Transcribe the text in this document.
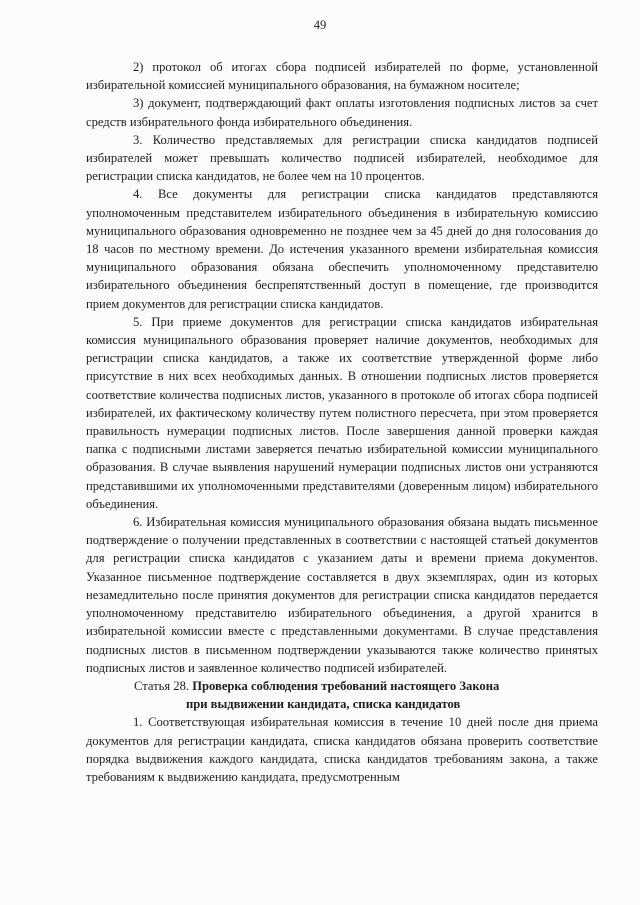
49

2) протокол об итогах сбора подписей избирателей по форме, установленной избирательной комиссией муниципального образования, на бумажном носителе;

3) документ, подтверждающий факт оплаты изготовления подписных листов за счет средств избирательного фонда избирательного объединения.

3. Количество представляемых для регистрации списка кандидатов подписей избирателей может превышать количество подписей избирателей, необходимое для регистрации списка кандидатов, не более чем на 10 процентов.

4. Все документы для регистрации списка кандидатов представляются уполномоченным представителем избирательного объединения в избирательную комиссию муниципального образования одновременно не позднее чем за 45 дней до дня голосования до 18 часов по местному времени. До истечения указанного времени избирательная комиссия муниципального образования обязана обеспечить уполномоченному представителю избирательного объединения беспрепятственный доступ в помещение, где производится прием документов для регистрации списка кандидатов.

5. При приеме документов для регистрации списка кандидатов избирательная комиссия муниципального образования проверяет наличие документов, необходимых для регистрации списка кандидатов, а также их соответствие утвержденной форме либо присутствие в них всех необходимых данных. В отношении подписных листов проверяется соответствие количества подписных листов, указанного в протоколе об итогах сбора подписей избирателей, их фактическому количеству путем полистного пересчета, при этом проверяется правильность нумерации подписных листов. После завершения данной проверки каждая папка с подписными листами заверяется печатью избирательной комиссии муниципального образования. В случае выявления нарушений нумерации подписных листов они устраняются представившими их уполномоченными представителями (доверенным лицом) избирательного объединения.

6. Избирательная комиссия муниципального образования обязана выдать письменное подтверждение о получении представленных в соответствии с настоящей статьей документов для регистрации списка кандидатов с указанием даты и времени приема документов. Указанное письменное подтверждение составляется в двух экземплярах, один из которых незамедлительно после принятия документов для регистрации списка кандидатов передается уполномоченному представителю избирательного объединения, а другой хранится в избирательной комиссии вместе с представленными документами. В случае представления подписных листов в письменном подтверждении указываются также количество принятых подписных листов и заявленное количество подписей избирателей.

Статья 28. Проверка соблюдения требований настоящего Закона
при выдвижении кандидата, списка кандидатов

1. Соответствующая избирательная комиссия в течение 10 дней после дня приема документов для регистрации кандидата, списка кандидатов обязана проверить соответствие порядка выдвижения каждого кандидата, списка кандидатов требованиям закона, а также требованиям к выдвижению кандидата, предусмотренным
